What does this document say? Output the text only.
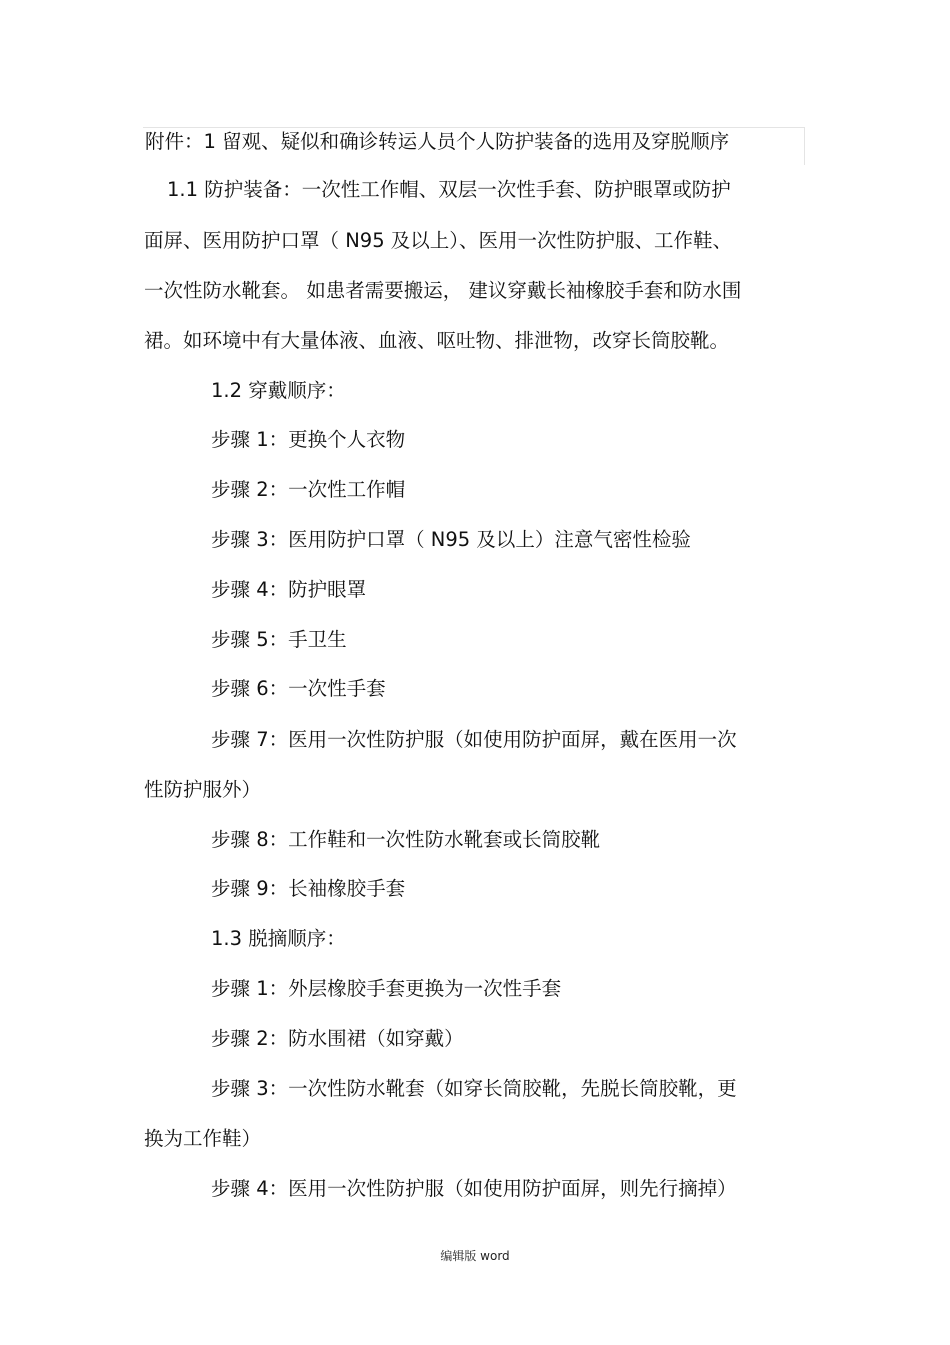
附件：1 留观、疑似和确诊转运人员个人防护装备的选用及穿脱顺序
1.1 防护装备：一次性工作帽、双层一次性手套、防护眼罩或防护
面屏、医用防护口罩（ N95 及以上）、医用一次性防护服、工作鞋、
一次性防水靴套。 如患者需要搬运， 建议穿戴长袖橡胶手套和防水围
裙。如环境中有大量体液、血液、呕吐物、排泄物，改穿长筒胶靴。
1.2 穿戴顺序：
步骤 1：更换个人衣物
步骤 2：一次性工作帽
步骤 3：医用防护口罩（ N95 及以上）注意气密性检验
步骤 4：防护眼罩
步骤 5：手卫生
步骤 6：一次性手套
步骤 7：医用一次性防护服（如使用防护面屏，戴在医用一次
性防护服外）
步骤 8：工作鞋和一次性防水靴套或长筒胶靴
步骤 9：长袖橡胶手套
1.3 脱摘顺序：
步骤 1：外层橡胶手套更换为一次性手套
步骤 2：防水围裙（如穿戴）
步骤 3：一次性防水靴套（如穿长筒胶靴，先脱长筒胶靴，更
换为工作鞋）
步骤 4：医用一次性防护服（如使用防护面屏，则先行摘掉）
编辑版 word
